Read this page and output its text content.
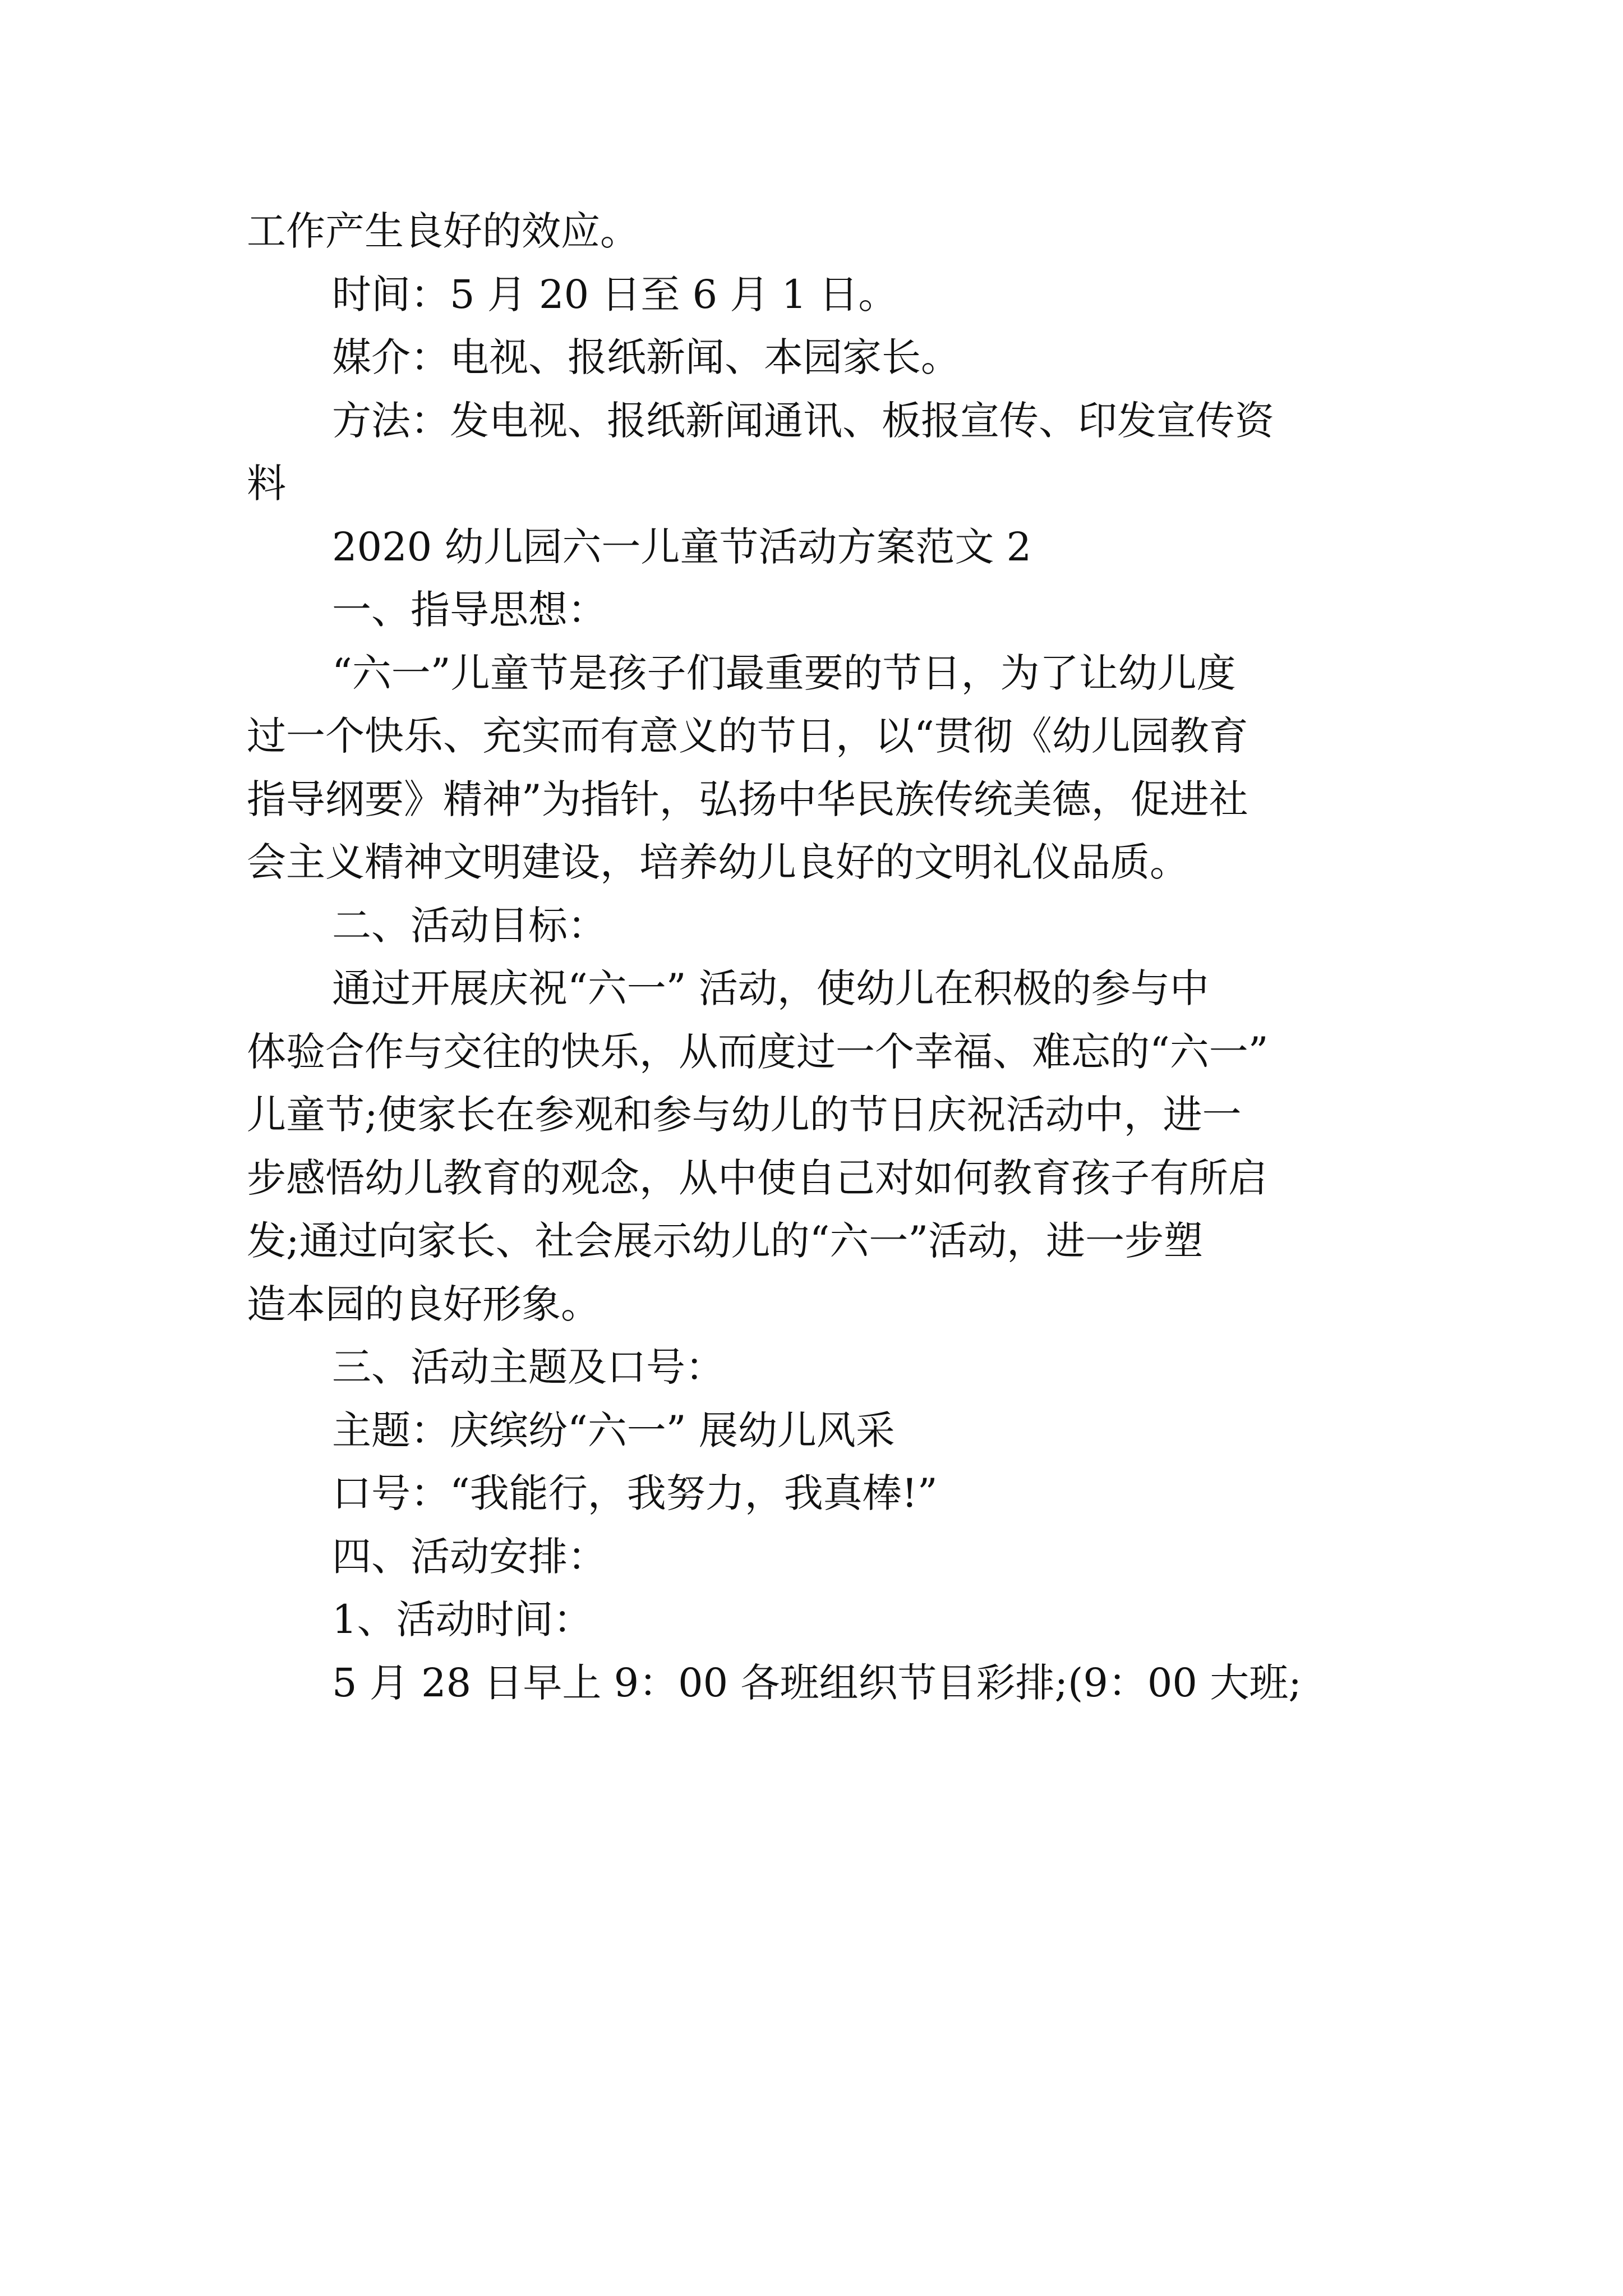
工作产生良好的效应。
时间：5 月 20 日至 6 月 1 日。
媒介：电视、报纸新闻、本园家长。
方法：发电视、报纸新闻通讯、板报宣传、印发宣传资
料
2020 幼儿园六一儿童节活动方案范文 2
一、指导思想：
“六一”儿童节是孩子们最重要的节日，为了让幼儿度
过一个快乐、充实而有意义的节日，以“贯彻《幼儿园教育
指导纲要》精神”为指针，弘扬中华民族传统美德，促进社
会主义精神文明建设，培养幼儿良好的文明礼仪品质。
二、活动目标：
通过开展庆祝“六一” 活动，使幼儿在积极的参与中
体验合作与交往的快乐，从而度过一个幸福、难忘的“六一”
儿童节;使家长在参观和参与幼儿的节日庆祝活动中，进一
步感悟幼儿教育的观念，从中使自己对如何教育孩子有所启
发;通过向家长、社会展示幼儿的“六一”活动，进一步塑
造本园的良好形象。
三、活动主题及口号：
主题：庆缤纷“六一” 展幼儿风采
口号：“我能行，我努力，我真棒!”
四、活动安排：
1、活动时间：
5 月 28 日早上 9：00 各班组织节目彩排;(9：00 大班;
